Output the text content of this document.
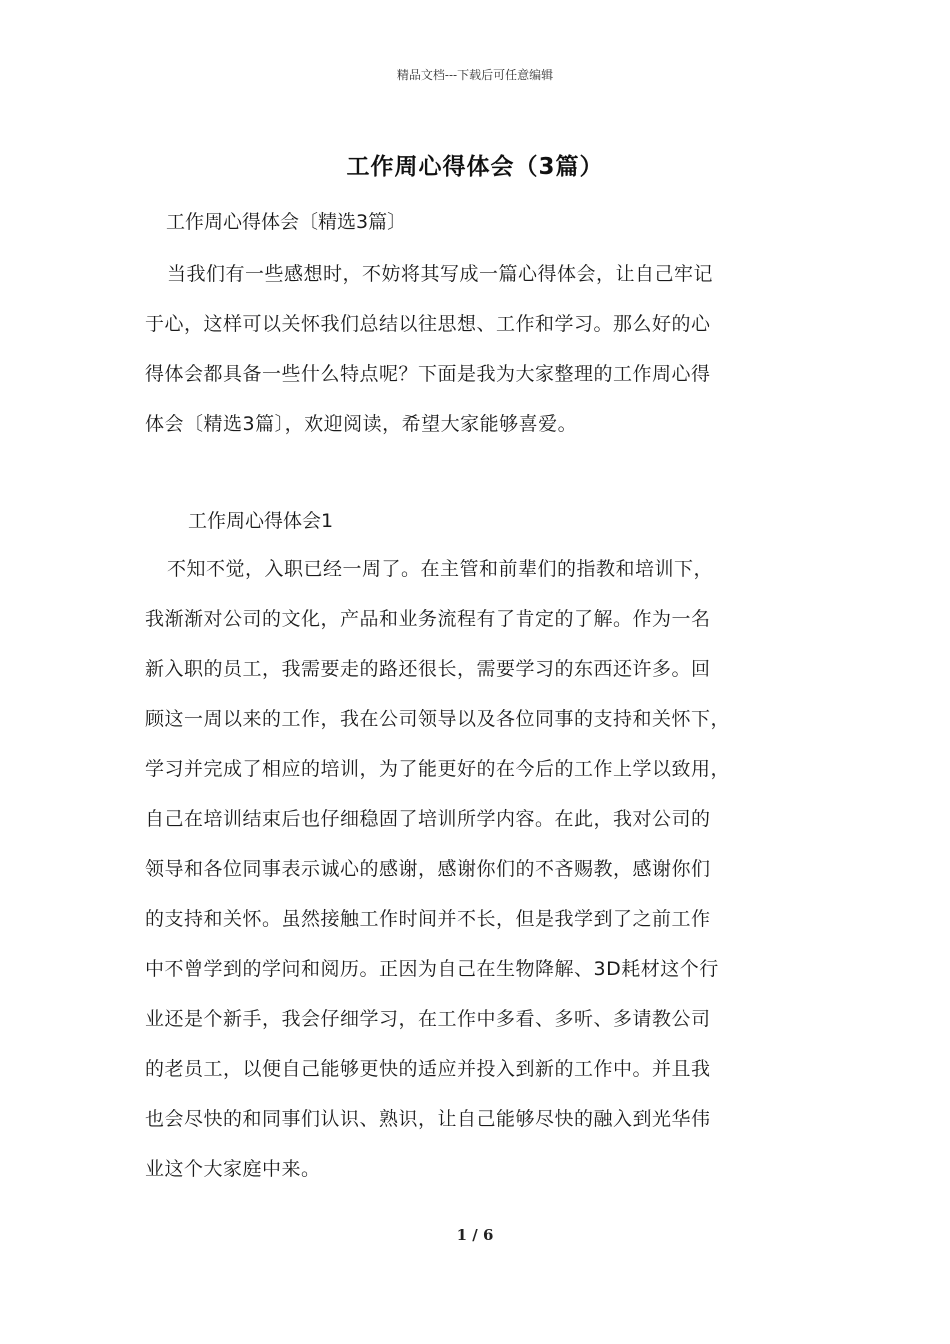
精品文档---下载后可任意编辑
工作周心得体会（3篇）
工作周心得体会〔精选3篇〕
当我们有一些感想时，不妨将其写成一篇心得体会，让自己牢记
于心，这样可以关怀我们总结以往思想、工作和学习。那么好的心
得体会都具备一些什么特点呢？下面是我为大家整理的工作周心得
体会〔精选3篇〕，欢迎阅读，希望大家能够喜爱。
工作周心得体会1
不知不觉，入职已经一周了。在主管和前辈们的指教和培训下，
我渐渐对公司的文化，产品和业务流程有了肯定的了解。作为一名
新入职的员工，我需要走的路还很长，需要学习的东西还许多。回
顾这一周以来的工作，我在公司领导以及各位同事的支持和关怀下，
学习并完成了相应的培训，为了能更好的在今后的工作上学以致用，
自己在培训结束后也仔细稳固了培训所学内容。在此，我对公司的
领导和各位同事表示诚心的感谢，感谢你们的不吝赐教，感谢你们
的支持和关怀。虽然接触工作时间并不长，但是我学到了之前工作
中不曾学到的学问和阅历。正因为自己在生物降解、3D耗材这个行
业还是个新手，我会仔细学习，在工作中多看、多听、多请教公司
的老员工，以便自己能够更快的适应并投入到新的工作中。并且我
也会尽快的和同事们认识、熟识，让自己能够尽快的融入到光华伟
业这个大家庭中来。
1 / 6
